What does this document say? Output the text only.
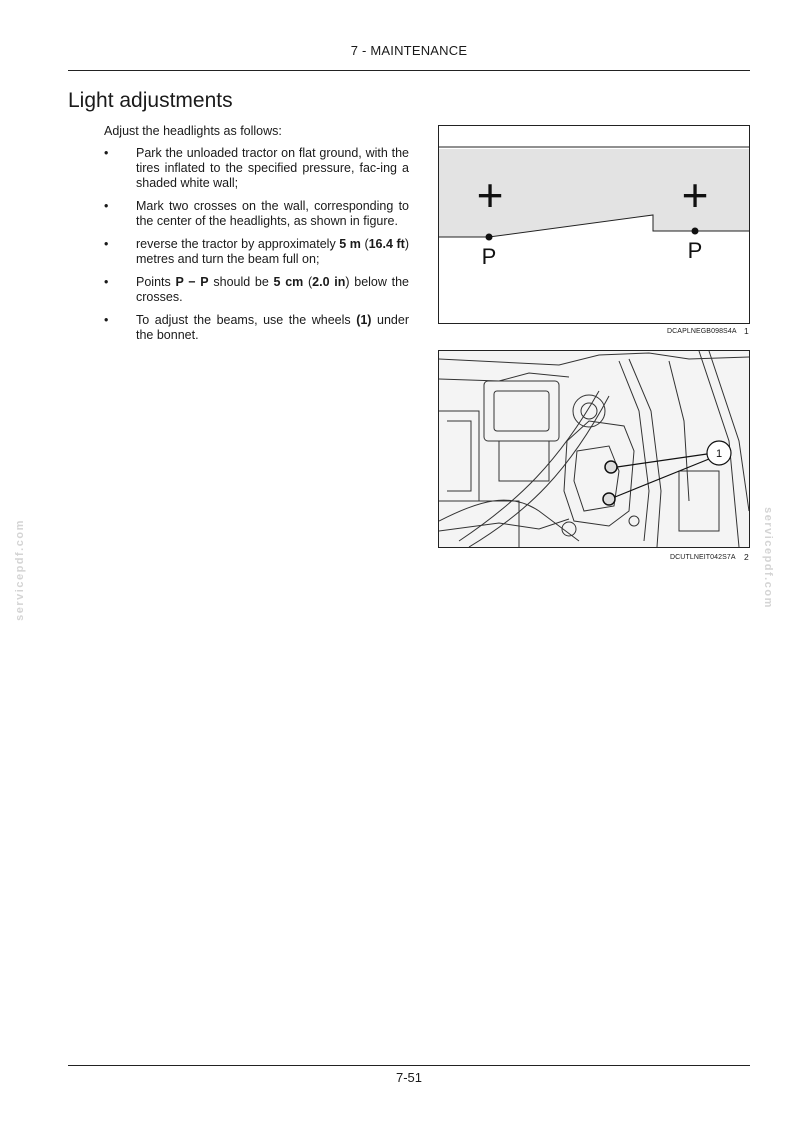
7 - MAINTENANCE
Light adjustments
Adjust the headlights as follows:
• Park the unloaded tractor on flat ground, with the tires inflated to the specified pressure, fac-ing a shaded white wall;
• Mark two crosses on the wall, corresponding to the center of the headlights, as shown in figure.
• reverse the tractor by approximately 5 m (16.4 ft) metres and turn the beam full on;
• Points P − P should be 5 cm (2.0 in) below the crosses.
• To adjust the beams, use the wheels (1) under the bonnet.
+	+
P	P
DCAPLNEGB098S4A 1
1
DCUTLNEIT042S7A 2
servicepdf.com	servicepdf.com
7-51
